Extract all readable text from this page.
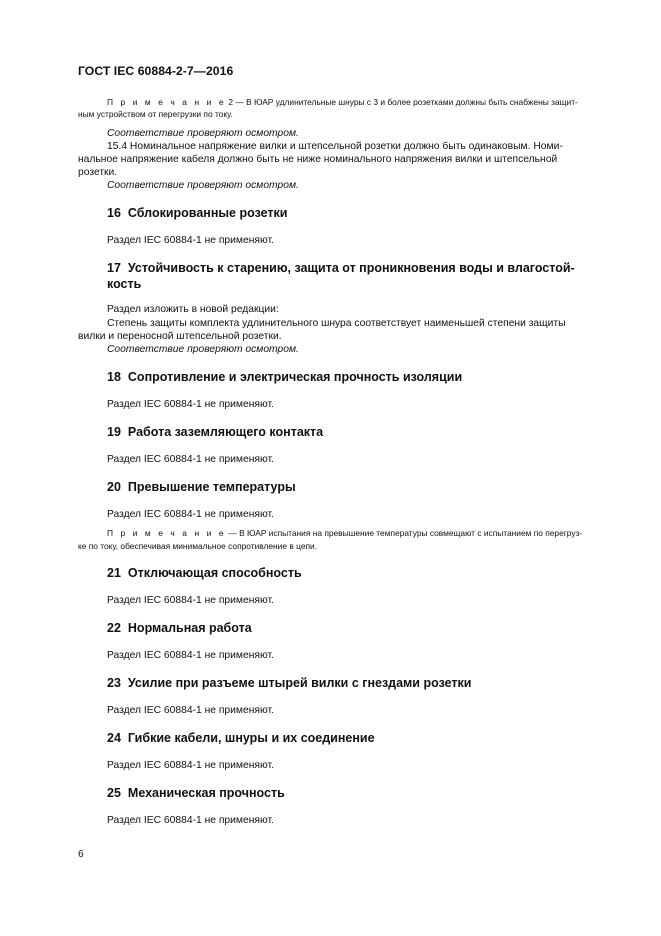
ГОСТ IEC 60884-2-7—2016
П р и м е ч а н и е 2 — В ЮАР удлинительные шнуры с 3 и более розетками должны быть снабжены защит-
ным устройством от перегрузки по току.
Соответствие проверяют осмотром.
15.4 Номинальное напряжение вилки и штепсельной розетки должно быть одинаковым. Номи-
нальное напряжение кабеля должно быть не ниже номинального напряжения вилки и штепсельной
розетки.
Соответствие проверяют осмотром.
16 Сблокированные розетки
Раздел IEC 60884-1 не применяют.
17 Устойчивость к старению, защита от проникновения воды и влагостой-
кость
Раздел изложить в новой редакции:
Степень защиты комплекта удлинительного шнура соответствует наименьшей степени защиты
вилки и переносной штепсельной розетки.
Соответствие проверяют осмотром.
18 Сопротивление и электрическая прочность изоляции
Раздел IEC 60884-1 не применяют.
19 Работа заземляющего контакта
Раздел IEC 60884-1 не применяют.
20 Превышение температуры
Раздел IEC 60884-1 не применяют.
П р и м е ч а н и е — В ЮАР испытания на превышение температуры совмещают с испытанием по перегруз-
ке по току, обеспечивая минимальное сопротивление в цепи.
21 Отключающая способность
Раздел IEC 60884-1 не применяют.
22 Нормальная работа
Раздел IEC 60884-1 не применяют.
23 Усилие при разъеме штырей вилки с гнездами розетки
Раздел IEC 60884-1 не применяют.
24 Гибкие кабели, шнуры и их соединение
Раздел IEC 60884-1 не применяют.
25 Механическая прочность
Раздел IEC 60884-1 не применяют.
6
